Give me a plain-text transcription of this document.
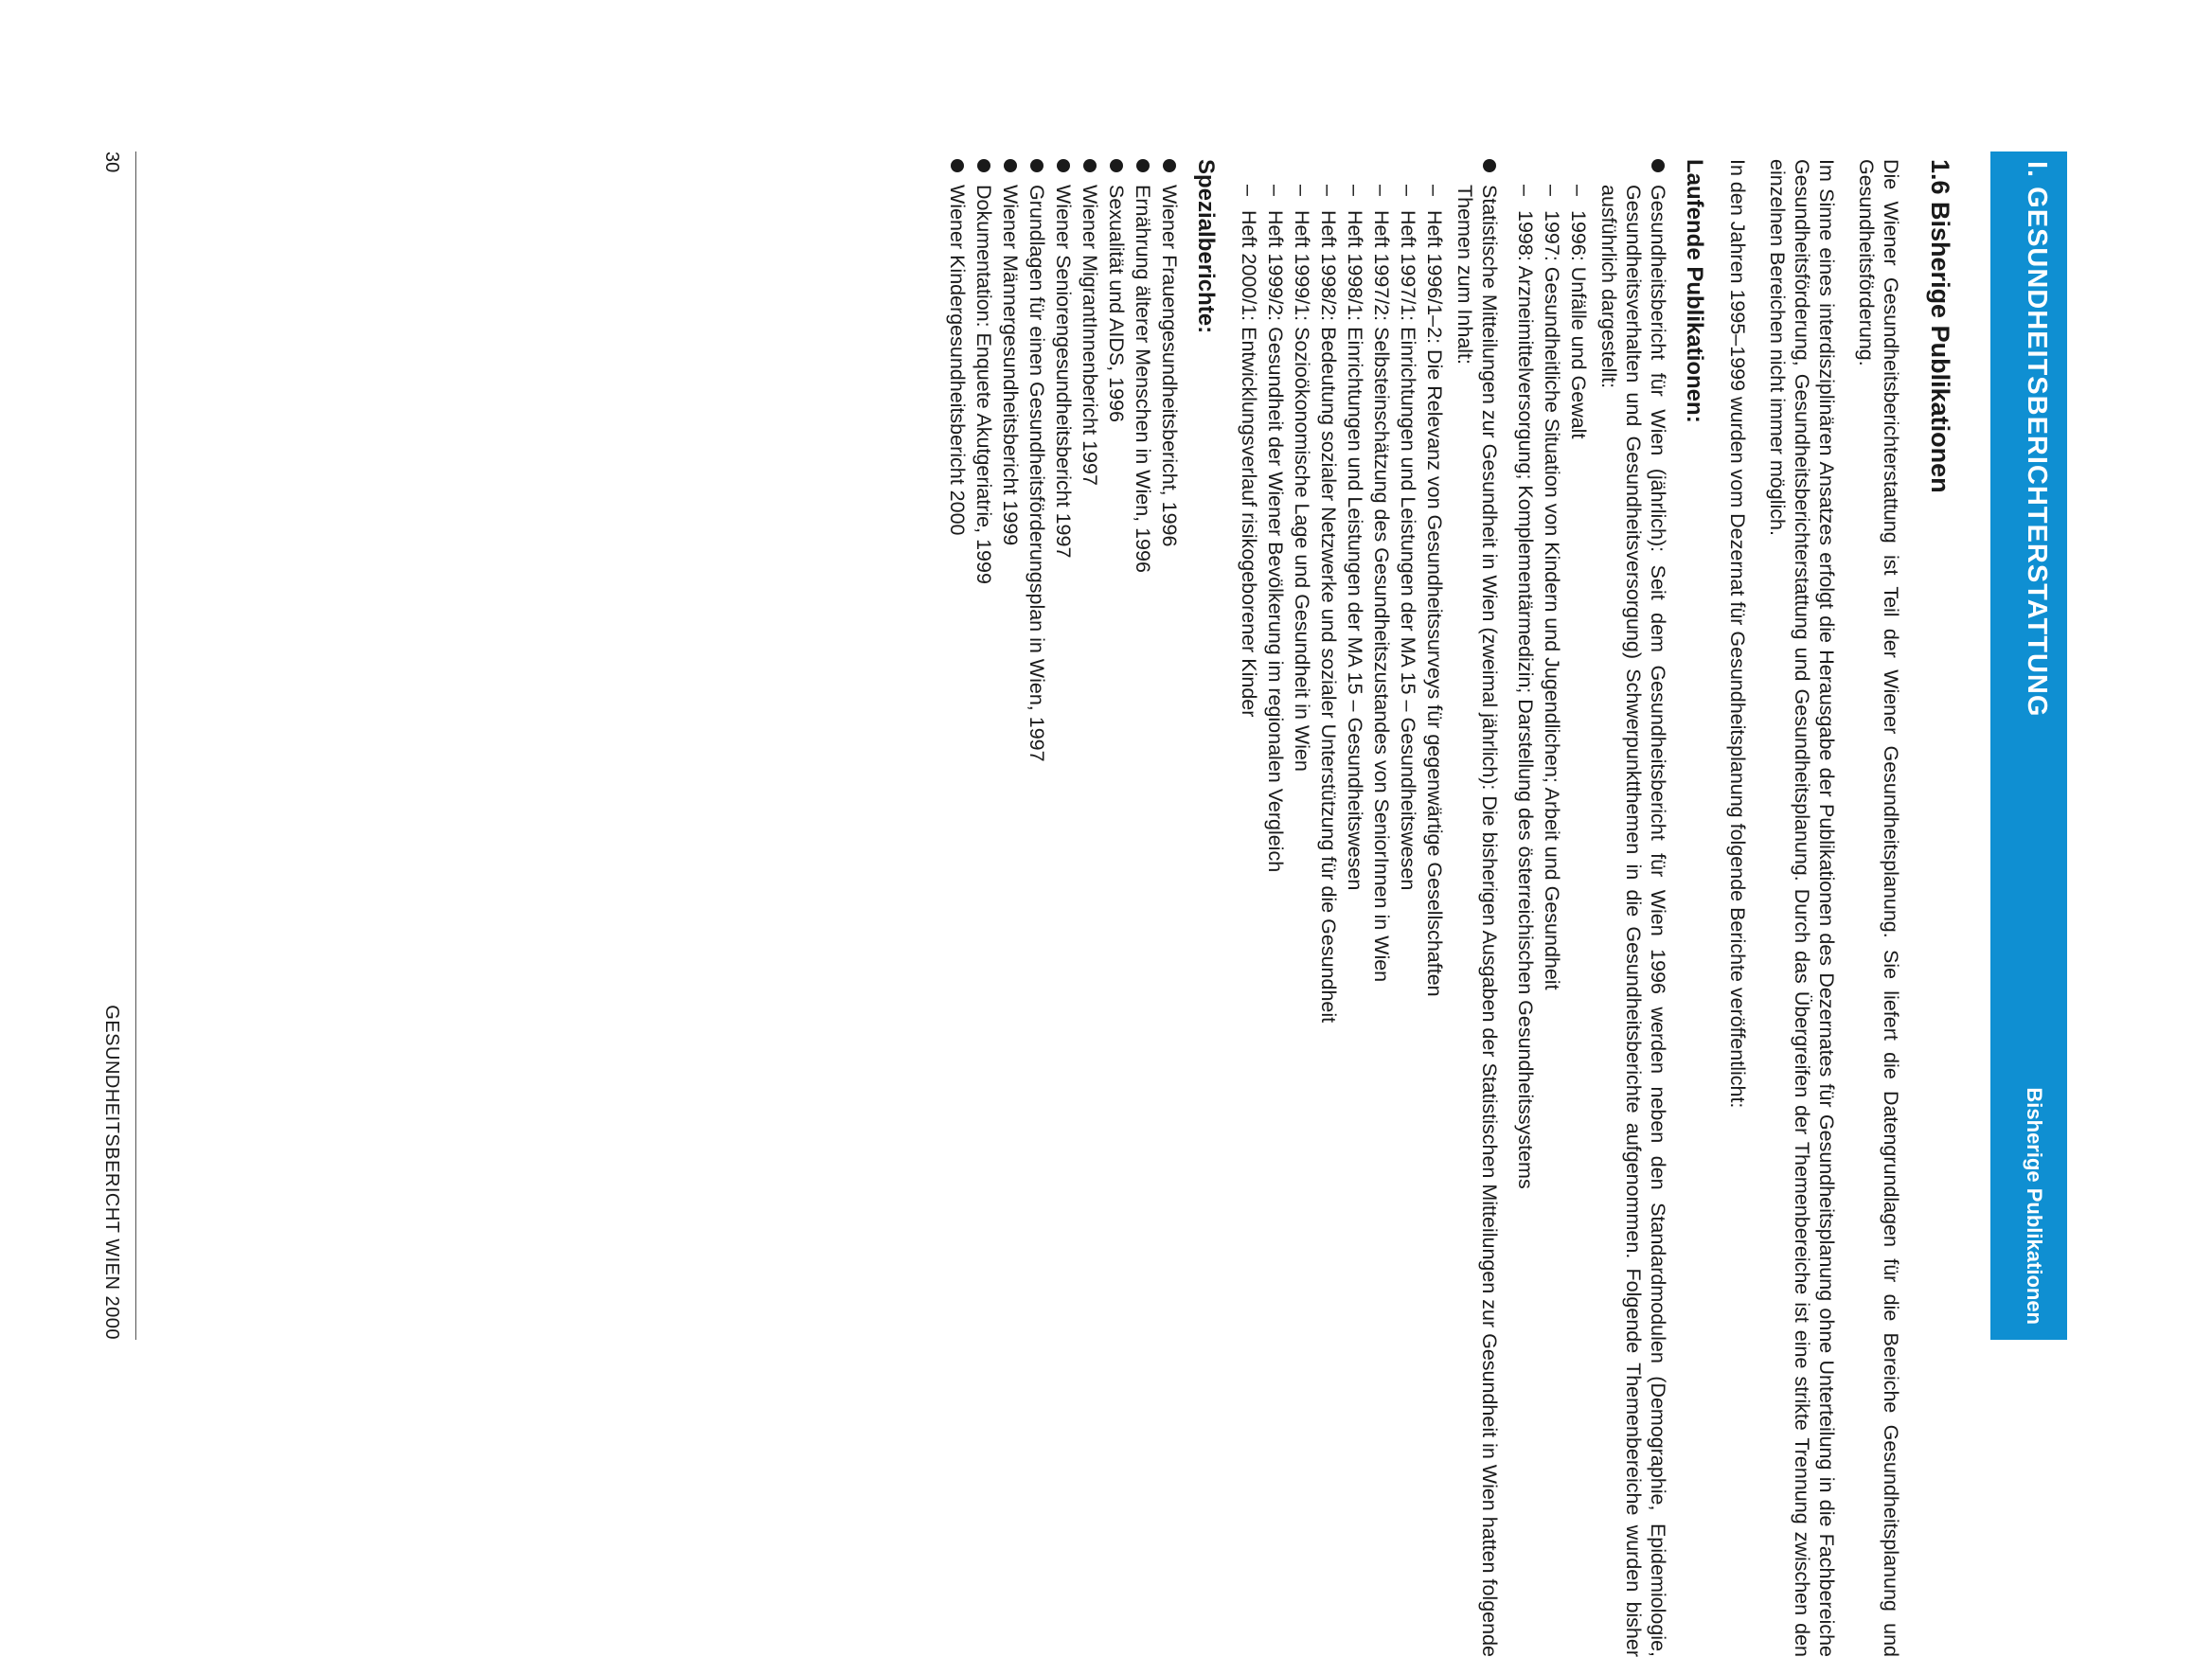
I. GESUNDHEITSBERICHTERSTATTUNG
Bisherige Publikationen
1.6 Bisherige Publikationen

Die Wiener Gesundheitsberichterstattung ist Teil der Wiener Gesundheitsplanung. Sie liefert die Datengrundlagen für die Bereiche Gesundheitsplanung und Gesundheitsförderung.

Im Sinne eines interdisziplinären Ansatzes erfolgt die Herausgabe der Publikationen des Dezernates für Gesundheitsplanung ohne Unterteilung in die Fachbereiche Gesundheitsförderung, Gesundheitsberichterstattung und Gesundheitsplanung. Durch das Übergreifen der Themenbereiche ist eine strikte Trennung zwischen den einzelnen Bereichen nicht immer möglich.

In den Jahren 1995–1999 wurden vom Dezernat für Gesundheitsplanung folgende Berichte veröffentlicht:

Laufende Publikationen:
Gesundheitsbericht für Wien (jährlich): Seit dem Gesundheitsbericht für Wien 1996 werden neben den Standardmodulen (Demographie, Epidemiologie, Gesundheitsverhalten und Gesundheitsversorgung) Schwerpunktthemen in die Gesundheitsberichte aufgenommen. Folgende Themenbereiche wurden bisher ausführlich dargestellt:
–
1996: Unfälle und Gewalt
–
1997: Gesundheitliche Situation von Kindern und Jugendlichen; Arbeit und Gesundheit
–
1998: Arzneimittelversorgung; Komplementärmedizin; Darstellung des österreichischen Gesundheitssystems
Statistische Mitteilungen zur Gesundheit in Wien (zweimal jährlich): Die bisherigen Ausgaben der Statistischen Mitteilungen zur Gesundheit in Wien hatten folgende Themen zum Inhalt:
–
Heft 1996/1–2: Die Relevanz von Gesundheitssurveys für gegenwärtige Gesellschaften
–
Heft 1997/1: Einrichtungen und Leistungen der MA 15 – Gesundheitswesen
–
Heft 1997/2: Selbsteinschätzung des Gesundheitszustandes von SeniorInnen in Wien
–
Heft 1998/1: Einrichtungen und Leistungen der MA 15 – Gesundheitswesen
–
Heft 1998/2: Bedeutung sozialer Netzwerke und sozialer Unterstützung für die Gesundheit
–
Heft 1999/1: Sozioökonomische Lage und Gesundheit in Wien
–
Heft 1999/2: Gesundheit der Wiener Bevölkerung im regionalen Vergleich
–
Heft 2000/1: Entwicklungsverlauf risikogeborener Kinder
Spezialberichte:
Wiener Frauengesundheitsbericht, 1996
Ernährung älterer Menschen in Wien, 1996
Sexualität und AIDS, 1996
Wiener MigrantInnenbericht 1997
Wiener Seniorengesundheitsbericht 1997
Grundlagen für einen Gesundheitsförderungsplan in Wien, 1997
Wiener Männergesundheitsbericht 1999
Dokumentation: Enquete Akutgeriatrie, 1999
Wiener Kindergesundheitsbericht 2000
30
GESUNDHEITSBERICHT WIEN 2000
